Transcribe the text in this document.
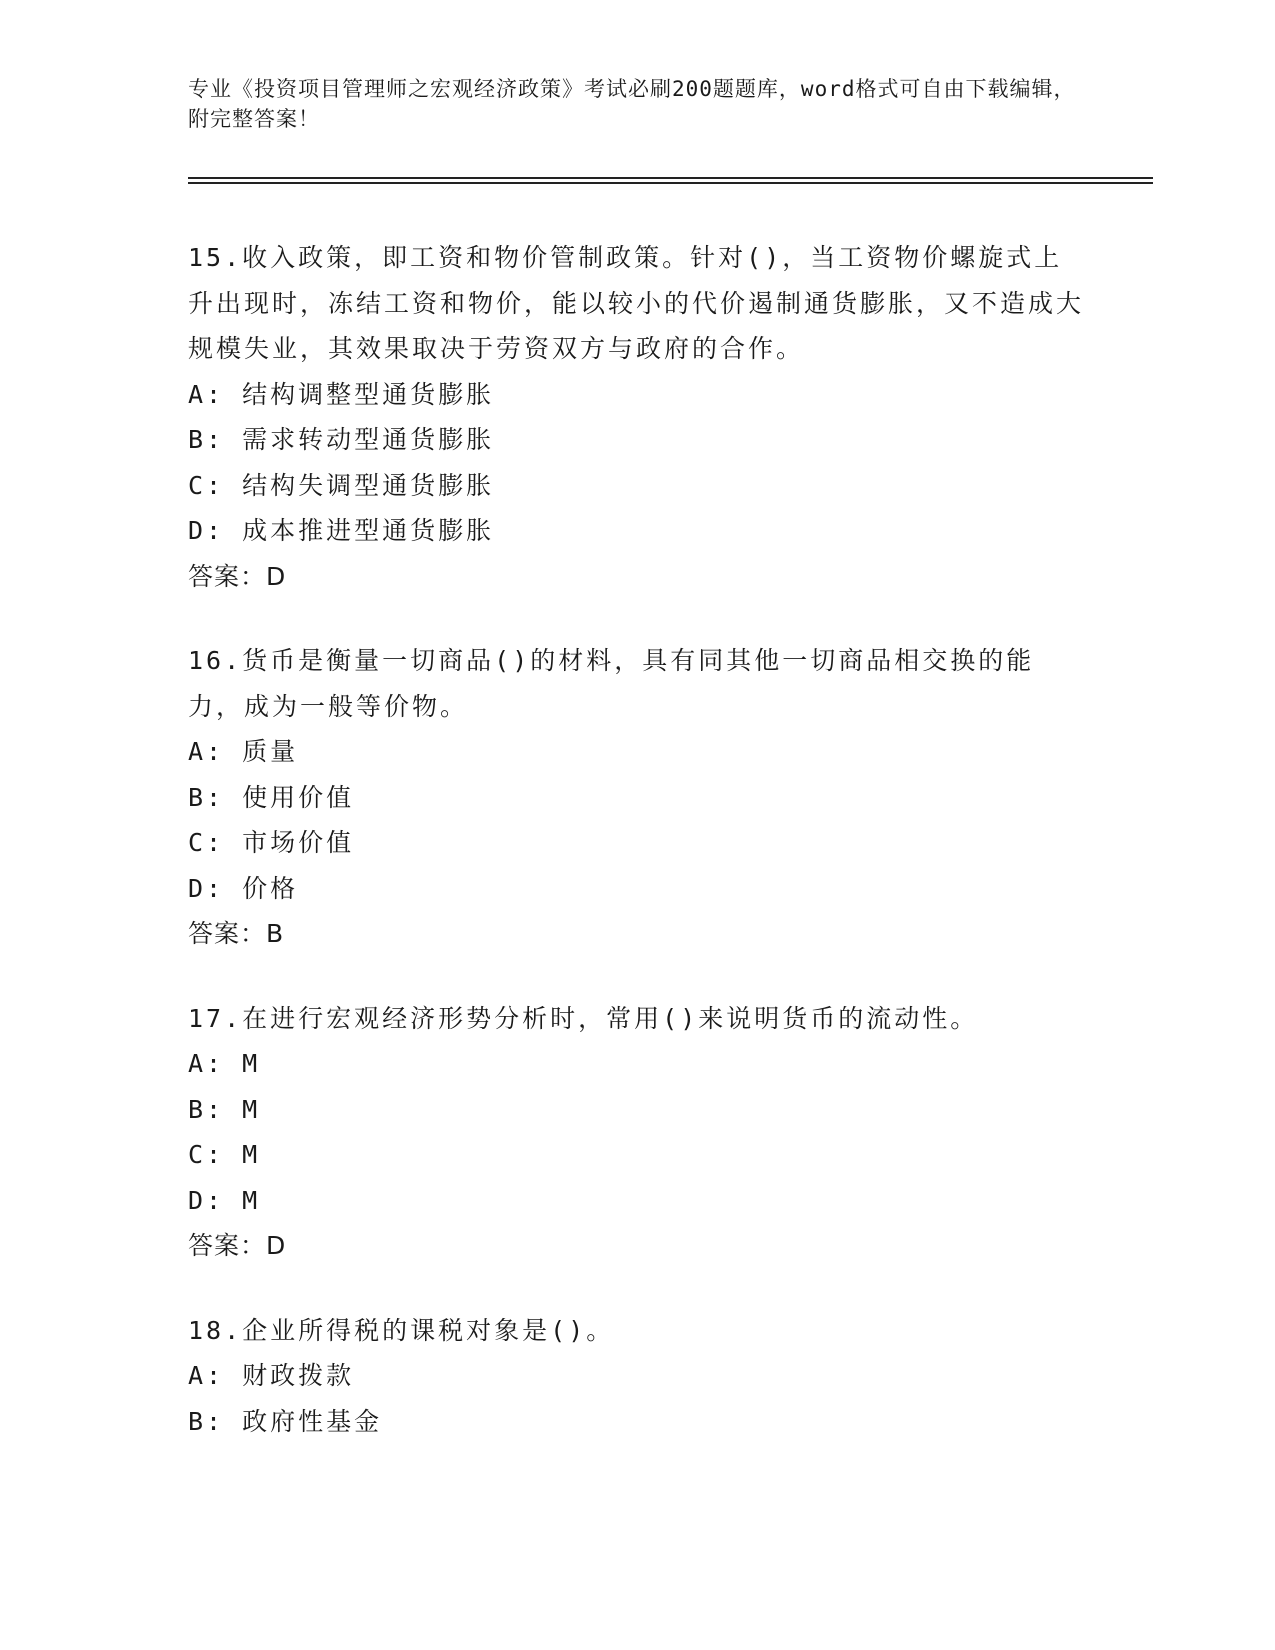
专业《投资项目管理师之宏观经济政策》考试必刷200题题库，word格式可自由下载编辑，附完整答案！
15.收入政策，即工资和物价管制政策。针对()，当工资物价螺旋式上升出现时，冻结工资和物价，能以较小的代价遏制通货膨胀，又不造成大规模失业，其效果取决于劳资双方与政府的合作。
A: 结构调整型通货膨胀
B: 需求转动型通货膨胀
C: 结构失调型通货膨胀
D: 成本推进型通货膨胀
答案：D
16.货币是衡量一切商品()的材料，具有同其他一切商品相交换的能力，成为一般等价物。
A: 质量
B: 使用价值
C: 市场价值
D: 价格
答案：B
17.在进行宏观经济形势分析时，常用()来说明货币的流动性。
A: M
B: M
C: M
D: M
答案：D
18.企业所得税的课税对象是()。
A: 财政拨款
B: 政府性基金
